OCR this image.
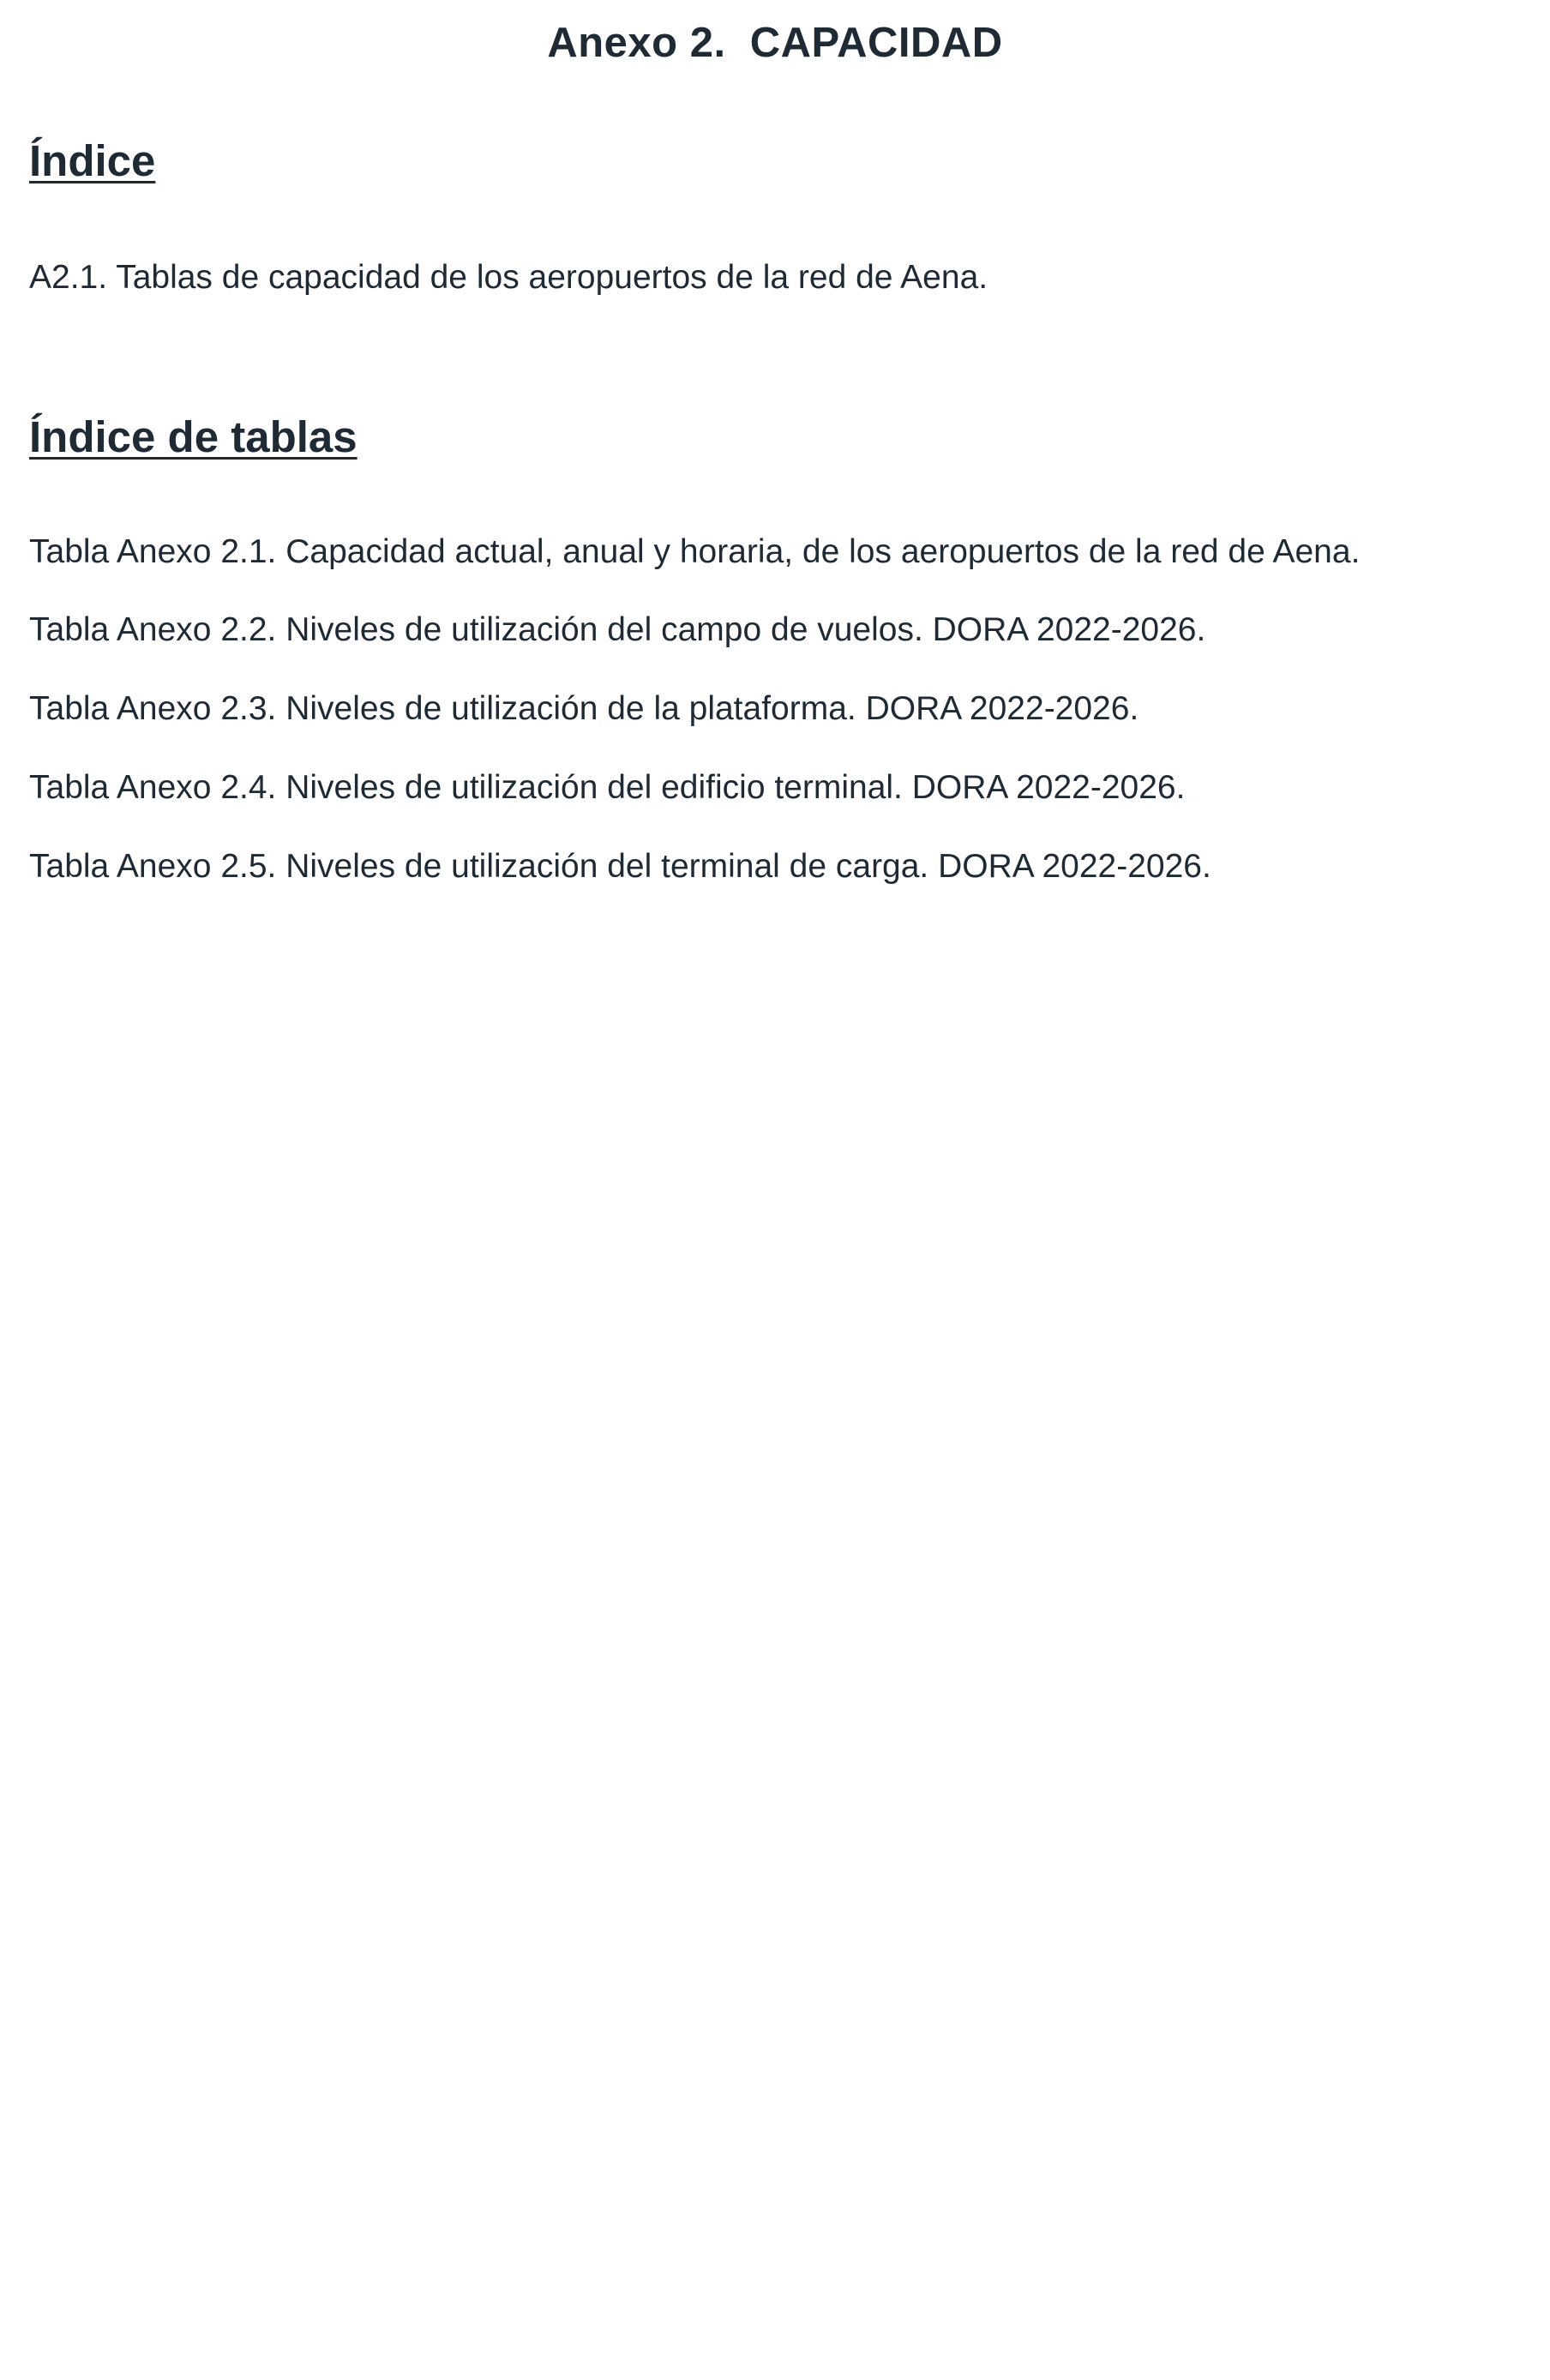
Anexo 2.  CAPACIDAD
Índice

A2.1. Tablas de capacidad de los aeropuertos de la red de Aena.

Índice de tablas

Tabla Anexo 2.1. Capacidad actual, anual y horaria, de los aeropuertos de la red de Aena.

Tabla Anexo 2.2. Niveles de utilización del campo de vuelos. DORA 2022-2026.

Tabla Anexo 2.3. Niveles de utilización de la plataforma. DORA 2022-2026.

Tabla Anexo 2.4. Niveles de utilización del edificio terminal. DORA 2022-2026.

Tabla Anexo 2.5. Niveles de utilización del terminal de carga. DORA 2022-2026.
